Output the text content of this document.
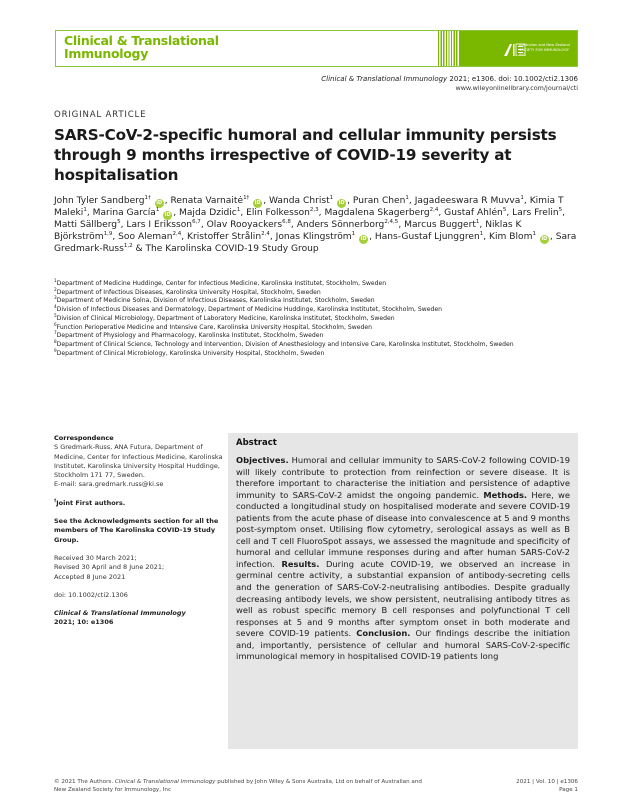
Clinical & Translational
Immunology
Australian and New Zealand
SOCIETY FOR IMMUNOLOGY INC
Clinical & Translational Immunology 2021; e1306. doi: 10.1002/cti2.1306
www.wileyonlinelibrary.com/journal/cti
ORIGINAL ARTICLE
SARS-CoV-2-specific humoral and cellular immunity persists through 9 months irrespective of COVID-19 severity at hospitalisation
John Tyler Sandberg$^{1\dagger}$ iD , Renata Varnaitė$^{1\dagger}$ iD , Wanda Christ$^1$ iD , Puran Chen$^1$, Jagadeeswara R Muvva$^1$, Kimia T Maleki$^1$, Marina García$^1$ iD , Majda Dzidic$^1$, Elin Folkesson$^{2,3}$, Magdalena Skagerberg$^{2,4}$, Gustaf Ahlén$^5$, Lars Frelin$^5$, Matti Sällberg$^5$, Lars I Eriksson$^{6,7}$, Olav Rooyackers$^{6,8}$, Anders Sönnerborg$^{2,4,5}$, Marcus Buggert$^1$, Niklas K Björkström$^{1,9}$, Soo Aleman$^{2,4}$, Kristoffer Strålin$^{2,4}$, Jonas Klingström$^1$ iD , Hans-Gustaf Ljunggren$^1$, Kim Blom$^1$ iD , Sara Gredmark-Russ$^{1,2}$ & The Karolinska COVID-19 Study Group
$^1$Department of Medicine Huddinge, Center for Infectious Medicine, Karolinska Institutet, Stockholm, Sweden
$^2$Department of Infectious Diseases, Karolinska University Hospital, Stockholm, Sweden
$^3$Department of Medicine Solna, Division of Infectious Diseases, Karolinska Institutet, Stockholm, Sweden
$^4$Division of Infectious Diseases and Dermatology, Department of Medicine Huddinge, Karolinska Institutet, Stockholm, Sweden
$^5$Division of Clinical Microbiology, Department of Laboratory Medicine, Karolinska Institutet, Stockholm, Sweden
$^6$Function Perioperative Medicine and Intensive Care, Karolinska University Hospital, Stockholm, Sweden
$^7$Department of Physiology and Pharmacology, Karolinska Institutet, Stockholm, Sweden
$^8$Department of Clinical Science, Technology and Intervention, Division of Anesthesiology and Intensive Care, Karolinska Institutet, Stockholm, Sweden
$^9$Department of Clinical Microbiology, Karolinska University Hospital, Stockholm, Sweden
Correspondence
S Gredmark-Russ, ANA Futura, Department of Medicine, Center for Infectious Medicine, Karolinska Institutet, Karolinska University Hospital Huddinge, Stockholm 171 77, Sweden.
E-mail: sara.gredmark.russ@ki.se
†Joint First authors.
See the Acknowledgments section for all the members of The Karolinska COVID-19 Study Group.
Received 30 March 2021;
Revised 30 April and 8 June 2021;
Accepted 8 June 2021
doi: 10.1002/cti2.1306
Clinical & Translational Immunology
2021; 10: e1306
Abstract
Objectives. Humoral and cellular immunity to SARS-CoV-2 following COVID-19 will likely contribute to protection from reinfection or severe disease. It is therefore important to characterise the initiation and persistence of adaptive immunity to SARS-CoV-2 amidst the ongoing pandemic. Methods. Here, we conducted a longitudinal study on hospitalised moderate and severe COVID-19 patients from the acute phase of disease into convalescence at 5 and 9 months post-symptom onset. Utilising flow cytometry, serological assays as well as B cell and T cell FluoroSpot assays, we assessed the magnitude and specificity of humoral and cellular immune responses during and after human SARS-CoV-2 infection. Results. During acute COVID-19, we observed an increase in germinal centre activity, a substantial expansion of antibody-secreting cells and the generation of SARS-CoV-2-neutralising antibodies. Despite gradually decreasing antibody levels, we show persistent, neutralising antibody titres as well as robust specific memory B cell responses and polyfunctional T cell responses at 5 and 9 months after symptom onset in both moderate and severe COVID-19 patients. Conclusion. Our findings describe the initiation and, importantly, persistence of cellular and humoral SARS-CoV-2-specific immunological memory in hospitalised COVID-19 patients long
© 2021 The Authors. Clinical & Translational Immunology published by John Wiley & Sons Australia, Ltd on behalf of Australian and New Zealand Society for Immunology, Inc
2021 | Vol. 10 | e1306
Page 1
